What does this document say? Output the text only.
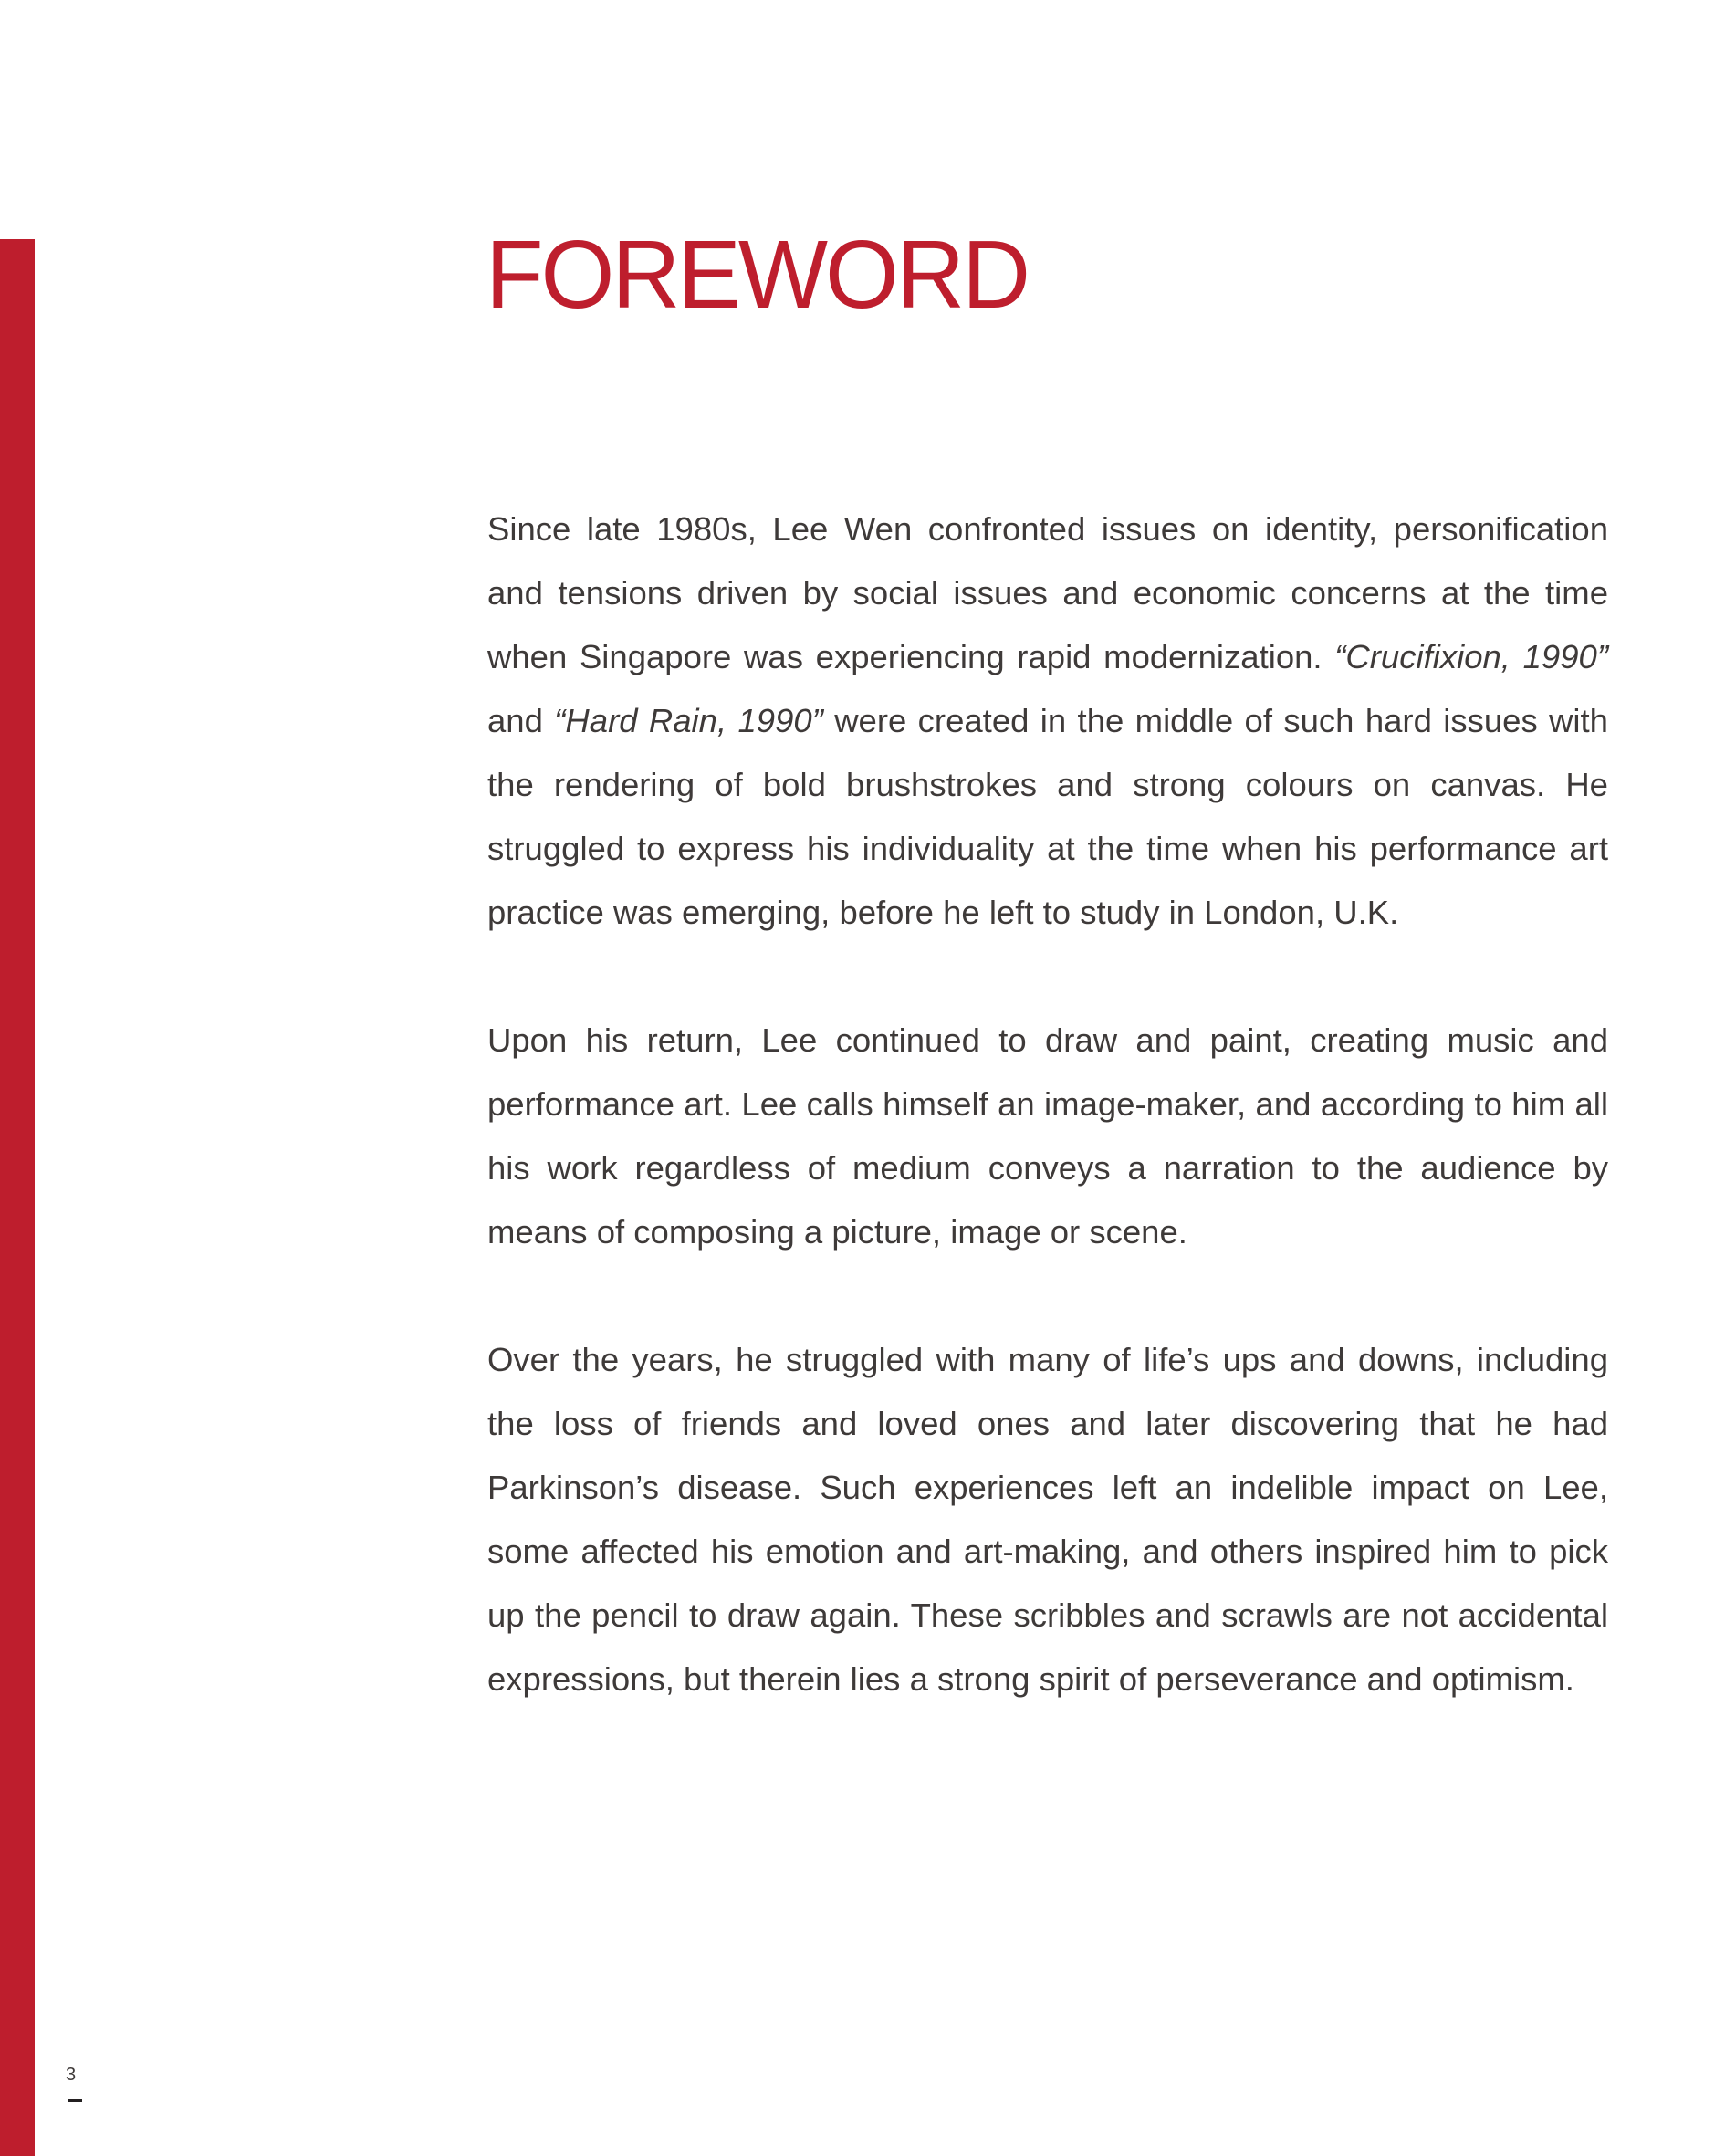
FOREWORD

Since late 1980s, Lee Wen confronted issues on identity, personification and tensions driven by social issues and economic concerns at the time when Singapore was experiencing rapid modernization. “Crucifixion, 1990” and “Hard Rain, 1990” were created in the middle of such hard issues with the rendering of bold brushstrokes and strong colours on canvas. He struggled to express his individuality at the time when his performance art practice was emerging, before he left to study in London, U.K.

Upon his return, Lee continued to draw and paint, creating music and performance art. Lee calls himself an image-maker, and according to him all his work regardless of medium conveys a narration to the audience by means of composing a picture, image or scene.

Over the years, he struggled with many of life’s ups and downs, including the loss of friends and loved ones and later discovering that he had Parkinson’s disease. Such experiences left an indelible impact on Lee, some affected his emotion and art-making, and others inspired him to pick up the pencil to draw again. These scribbles and scrawls are not accidental expressions, but therein lies a strong spirit of perseverance and optimism.

3
